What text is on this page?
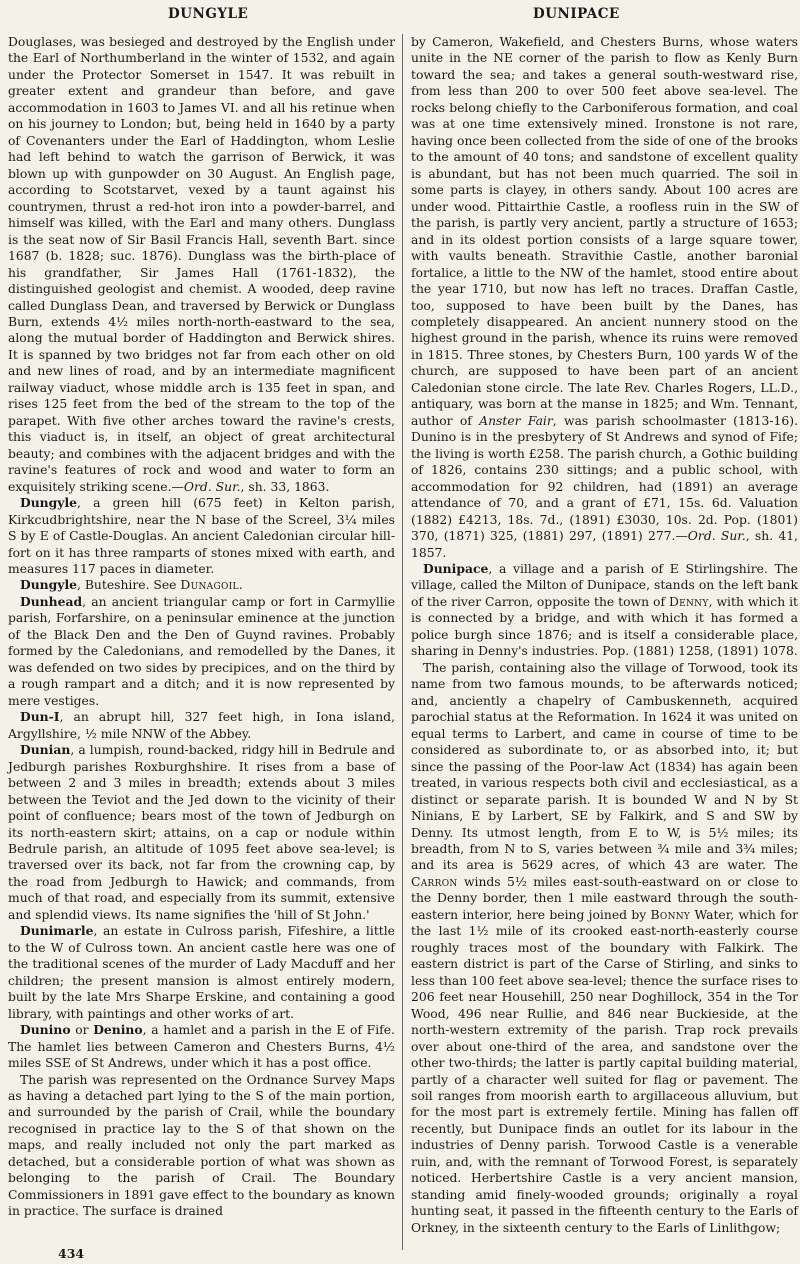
DUNGYLE	DUNIPACE

Douglases, was besieged and destroyed by the English under the Earl of Northumberland in the winter of 1532, and again under the Protector Somerset in 1547. It was rebuilt in greater extent and grandeur than before, and gave accommodation in 1603 to James VI. and all his retinue when on his journey to London; but, being held in 1640 by a party of Covenanters under the Earl of Haddington, whom Leslie had left behind to watch the garrison of Berwick, it was blown up with gunpowder on 30 August. An English page, according to Scotstarvet, vexed by a taunt against his countrymen, thrust a red-hot iron into a powder-barrel, and himself was killed, with the Earl and many others. Dunglass is the seat now of Sir Basil Francis Hall, seventh Bart. since 1687 (b. 1828; suc. 1876). Dunglass was the birth-place of his grandfather, Sir James Hall (1761-1832), the distinguished geologist and chemist. A wooded, deep ravine called Dunglass Dean, and traversed by Berwick or Dunglass Burn, extends 4½ miles north-north-eastward to the sea, along the mutual border of Haddington and Berwick shires. It is spanned by two bridges not far from each other on old and new lines of road, and by an intermediate magnificent railway viaduct, whose middle arch is 135 feet in span, and rises 125 feet from the bed of the stream to the top of the parapet. With five other arches toward the ravine's crests, this viaduct is, in itself, an object of great architectural beauty; and combines with the adjacent bridges and with the ravine's features of rock and wood and water to form an exquisitely striking scene.—Ord. Sur., sh. 33, 1863.

Dungyle, a green hill (675 feet) in Kelton parish, Kirkcudbrightshire, near the N base of the Screel, 3¼ miles S by E of Castle-Douglas. An ancient Caledonian circular hill-fort on it has three ramparts of stones mixed with earth, and measures 117 paces in diameter.

Dungyle, Buteshire. See Dunagoil.

Dunhead, an ancient triangular camp or fort in Carmyllie parish, Forfarshire, on a peninsular eminence at the junction of the Black Den and the Den of Guynd ravines. Probably formed by the Caledonians, and remodelled by the Danes, it was defended on two sides by precipices, and on the third by a rough rampart and a ditch; and it is now represented by mere vestiges.

Dun-I, an abrupt hill, 327 feet high, in Iona island, Argyllshire, ½ mile NNW of the Abbey.

Dunian, a lumpish, round-backed, ridgy hill in Bedrule and Jedburgh parishes Roxburghshire. It rises from a base of between 2 and 3 miles in breadth; extends about 3 miles between the Teviot and the Jed down to the vicinity of their point of confluence; bears most of the town of Jedburgh on its north-eastern skirt; attains, on a cap or nodule within Bedrule parish, an altitude of 1095 feet above sea-level; is traversed over its back, not far from the crowning cap, by the road from Jedburgh to Hawick; and commands, from much of that road, and especially from its summit, extensive and splendid views. Its name signifies the 'hill of St John.'

Dunimarle, an estate in Culross parish, Fifeshire, a little to the W of Culross town. An ancient castle here was one of the traditional scenes of the murder of Lady Macduff and her children; the present mansion is almost entirely modern, built by the late Mrs Sharpe Erskine, and containing a good library, with paintings and other works of art.

Dunino or Denino, a hamlet and a parish in the E of Fife. The hamlet lies between Cameron and Chesters Burns, 4½ miles SSE of St Andrews, under which it has a post office.

The parish was represented on the Ordnance Survey Maps as having a detached part lying to the S of the main portion, and surrounded by the parish of Crail, while the boundary recognised in practice lay to the S of that shown on the maps, and really included not only the part marked as detached, but a considerable portion of what was shown as belonging to the parish of Crail. The Boundary Commissioners in 1891 gave effect to the boundary as known in practice. The surface is drained

by Cameron, Wakefield, and Chesters Burns, whose waters unite in the NE corner of the parish to flow as Kenly Burn toward the sea; and takes a general south-westward rise, from less than 200 to over 500 feet above sea-level. The rocks belong chiefly to the Carboniferous formation, and coal was at one time extensively mined. Ironstone is not rare, having once been collected from the side of one of the brooks to the amount of 40 tons; and sandstone of excellent quality is abundant, but has not been much quarried. The soil in some parts is clayey, in others sandy. About 100 acres are under wood. Pittairthie Castle, a roofless ruin in the SW of the parish, is partly very ancient, partly a structure of 1653; and in its oldest portion consists of a large square tower, with vaults beneath. Stravithie Castle, another baronial fortalice, a little to the NW of the hamlet, stood entire about the year 1710, but now has left no traces. Draffan Castle, too, supposed to have been built by the Danes, has completely disappeared. An ancient nunnery stood on the highest ground in the parish, whence its ruins were removed in 1815. Three stones, by Chesters Burn, 100 yards W of the church, are supposed to have been part of an ancient Caledonian stone circle. The late Rev. Charles Rogers, LL.D., antiquary, was born at the manse in 1825; and Wm. Tennant, author of Anster Fair, was parish schoolmaster (1813-16). Dunino is in the presbytery of St Andrews and synod of Fife; the living is worth £258. The parish church, a Gothic building of 1826, contains 230 sittings; and a public school, with accommodation for 92 children, had (1891) an average attendance of 70, and a grant of £71, 15s. 6d. Valuation (1882) £4213, 18s. 7d., (1891) £3030, 10s. 2d. Pop. (1801) 370, (1871) 325, (1881) 297, (1891) 277.—Ord. Sur., sh. 41, 1857.

Dunipace, a village and a parish of E Stirlingshire. The village, called the Milton of Dunipace, stands on the left bank of the river Carron, opposite the town of Denny, with which it is connected by a bridge, and with which it has formed a police burgh since 1876; and is itself a considerable place, sharing in Denny's industries. Pop. (1881) 1258, (1891) 1078.

The parish, containing also the village of Torwood, took its name from two famous mounds, to be afterwards noticed; and, anciently a chapelry of Cambuskenneth, acquired parochial status at the Reformation. In 1624 it was united on equal terms to Larbert, and came in course of time to be considered as subordinate to, or as absorbed into, it; but since the passing of the Poor-law Act (1834) has again been treated, in various respects both civil and ecclesiastical, as a distinct or separate parish. It is bounded W and N by St Ninians, E by Larbert, SE by Falkirk, and S and SW by Denny. Its utmost length, from E to W, is 5½ miles; its breadth, from N to S, varies between ¾ mile and 3¾ miles; and its area is 5629 acres, of which 43 are water. The Carron winds 5½ miles east-south-eastward on or close to the Denny border, then 1 mile eastward through the south-eastern interior, here being joined by Bonny Water, which for the last 1½ mile of its crooked east-north-easterly course roughly traces most of the boundary with Falkirk. The eastern district is part of the Carse of Stirling, and sinks to less than 100 feet above sea-level; thence the surface rises to 206 feet near Househill, 250 near Doghillock, 354 in the Tor Wood, 496 near Rullie, and 846 near Buckieside, at the north-western extremity of the parish. Trap rock prevails over about one-third of the area, and sandstone over the other two-thirds; the latter is partly capital building material, partly of a character well suited for flag or pavement. The soil ranges from moorish earth to argillaceous alluvium, but for the most part is extremely fertile. Mining has fallen off recently, but Dunipace finds an outlet for its labour in the industries of Denny parish. Torwood Castle is a venerable ruin, and, with the remnant of Torwood Forest, is separately noticed. Herbertshire Castle is a very ancient mansion, standing amid finely-wooded grounds; originally a royal hunting seat, it passed in the fifteenth century to the Earls of Orkney, in the sixteenth century to the Earls of Linlithgow;

434
